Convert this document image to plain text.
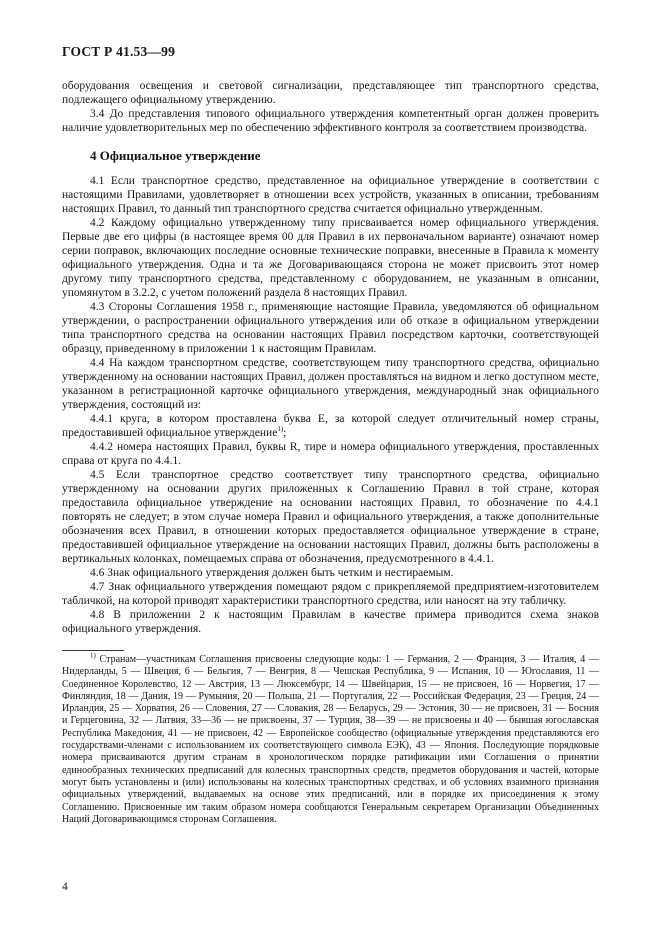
ГОСТ Р 41.53—99

оборудования освещения и световой сигнализации, представляющее тип транспортного средства, подлежащего официальному утверждению.

3.4 До представления типового официального утверждения компетентный орган должен проверить наличие удовлетворительных мер по обеспечению эффективного контроля за соответствием производства.

4 Официальное утверждение

4.1 Если транспортное средство, представленное на официальное утверждение в соответствии с настоящими Правилами, удовлетворяет в отношении всех устройств, указанных в описании, требованиям настоящих Правил, то данный тип транспортного средства считается официально утвержденным.

4.2 Каждому официально утвержденному типу присваивается номер официального утверждения. Первые две его цифры (в настоящее время 00 для Правил в их первоначальном варианте) означают номер серии поправок, включающих последние основные технические поправки, внесенные в Правила к моменту официального утверждения. Одна и та же Договаривающаяся сторона не может присвоить этот номер другому типу транспортного средства, представленному с оборудованием, не указанным в описании, упомянутом в 3.2.2, с учетом положений раздела 8 настоящих Правил.

4.3 Стороны Соглашения 1958 г., применяющие настоящие Правила, уведомляются об официальном утверждении, о распространении официального утверждения или об отказе в официальном утверждении типа транспортного средства на основании настоящих Правил посредством карточки, соответствующей образцу, приведенному в приложении 1 к настоящим Правилам.

4.4 На каждом транспортном средстве, соответствующем типу транспортного средства, официально утвержденному на основании настоящих Правил, должен проставляться на видном и легко доступном месте, указанном в регистрационной карточке официального утверждения, международный знак официального утверждения, состоящий из:

4.4.1 круга, в котором проставлена буква Е, за которой следует отличительный номер страны, предоставившей официальное утверждение$^{1)}$;

4.4.2 номера настоящих Правил, буквы R, тире и номера официального утверждения, проставленных справа от круга по 4.4.1.

4.5 Если транспортное средство соответствует типу транспортного средства, официально утвержденному на основании других приложенных к Соглашению Правил в той стране, которая предоставила официальное утверждение на основании настоящих Правил, то обозначение по 4.4.1 повторять не следует; в этом случае номера Правил и официального утверждения, а также дополнительные обозначения всех Правил, в отношении которых предоставляется официальное утверждение в стране, предоставившей официальное утверждение на основании настоящих Правил, должны быть расположены в вертикальных колонках, помещаемых справа от обозначения, предусмотренного в 4.4.1.

4.6 Знак официального утверждения должен быть четким и нестираемым.

4.7 Знак официального утверждения помещают рядом с прикрепляемой предприятием-изготовителем табличкой, на которой приводят характеристики транспортного средства, или наносят на эту табличку.

4.8 В приложении 2 к настоящим Правилам в качестве примера приводится схема знаков официального утверждения.

$^{1)}$ Странам—участникам Соглашения присвоены следующие коды: 1 — Германия, 2 — Франция, 3 — Италия, 4 — Нидерланды, 5 — Швеция, 6 — Бельгия, 7 — Венгрия, 8 — Чешская Республика, 9 — Испания, 10 — Югославия, 11 — Соединенное Королевство, 12 — Австрия, 13 — Люксембург, 14 — Швейцария, 15 — не присвоен, 16 — Норвегия, 17 — Финляндия, 18 — Дания, 19 — Румыния, 20 — Польша, 21 — Португалия, 22 — Российская Федерация, 23 — Греция, 24 — Ирландия, 25 — Хорватия, 26 — Словения, 27 — Словакия, 28 — Беларусь, 29 — Эстония, 30 — не присвоен, 31 — Босния и Герцеговина, 32 — Латвия, 33—36 — не присвоены, 37 — Турция, 38—39 — не присвоены и 40 — бывшая югославская Республика Македония, 41 — не присвоен, 42 — Европейское сообщество (официальные утверждения представляются его государствами-членами с использованием их соответствующего символа ЕЭК), 43 — Япония. Последующие порядковые номера присваиваются другим странам в хронологическом порядке ратификации ими Соглашения о принятии единообразных технических предписаний для колесных транспортных средств, предметов оборудования и частей, которые могут быть установлены и (или) использованы на колесных транспортных средствах, и об условиях взаимного признания официальных утверждений, выдаваемых на основе этих предписаний, или в порядке их присоединения к этому Соглашению. Присвоенные им таким образом номера сообщаются Генеральным секретарем Организации Объединенных Наций Договаривающимся сторонам Соглашения.

4
